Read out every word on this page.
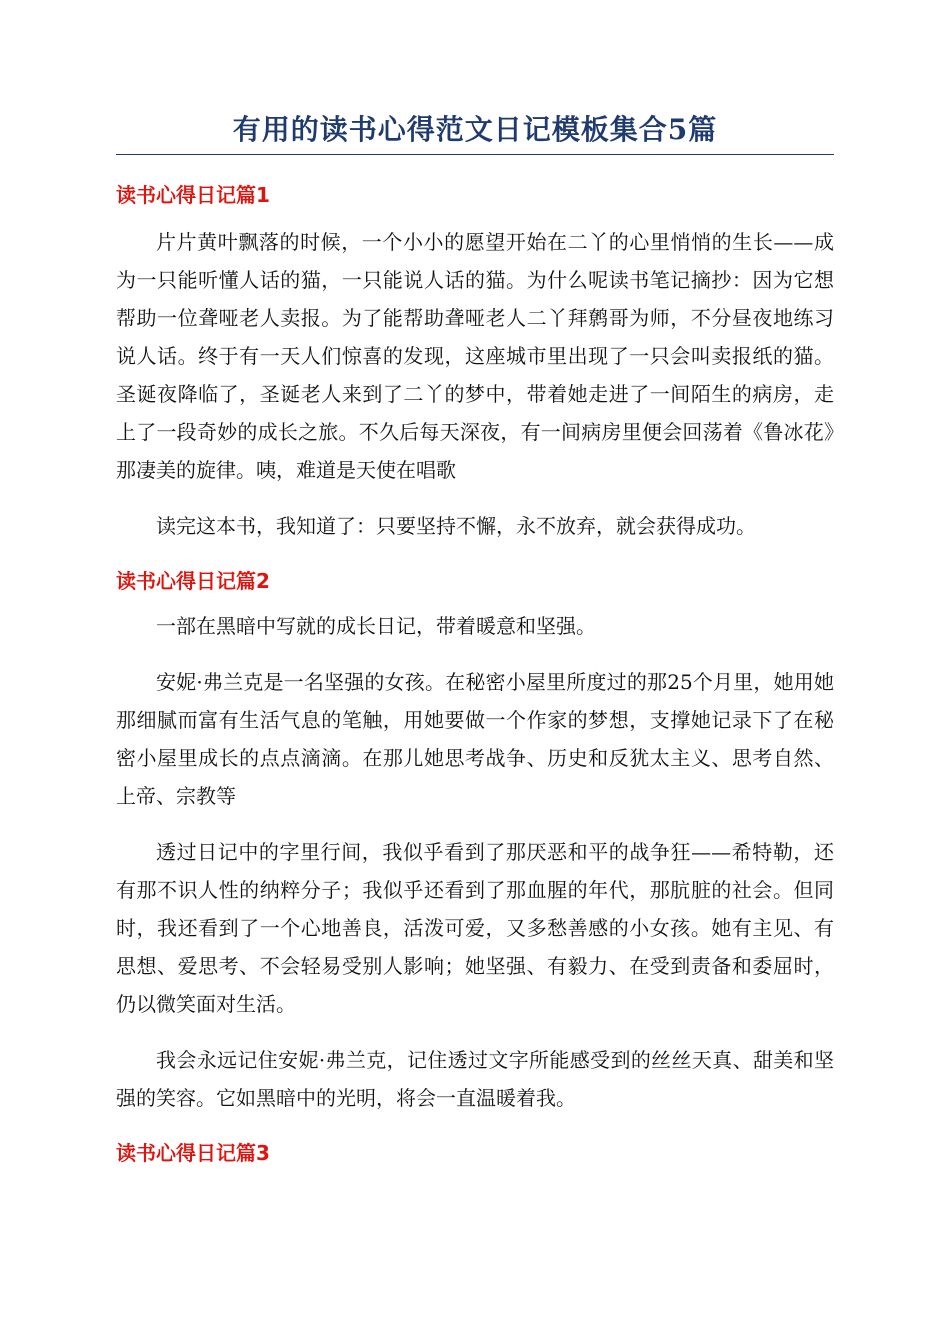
有用的读书心得范文日记模板集合5篇
读书心得日记篇1

片片黄叶飘落的时候，一个小小的愿望开始在二丫的心里悄悄的生长——成为一只能听懂人话的猫，一只能说人话的猫。为什么呢读书笔记摘抄：因为它想帮助一位聋哑老人卖报。为了能帮助聋哑老人二丫拜鹩哥为师，不分昼夜地练习说人话。终于有一天人们惊喜的发现，这座城市里出现了一只会叫卖报纸的猫。圣诞夜降临了，圣诞老人来到了二丫的梦中，带着她走进了一间陌生的病房，走上了一段奇妙的成长之旅。不久后每天深夜，有一间病房里便会回荡着《鲁冰花》那凄美的旋律。咦，难道是天使在唱歌

读完这本书，我知道了：只要坚持不懈，永不放弃，就会获得成功。

读书心得日记篇2

一部在黑暗中写就的成长日记，带着暖意和坚强。

安妮·弗兰克是一名坚强的女孩。在秘密小屋里所度过的那25个月里，她用她那细腻而富有生活气息的笔触，用她要做一个作家的梦想，支撑她记录下了在秘密小屋里成长的点点滴滴。在那儿她思考战争、历史和反犹太主义、思考自然、上帝、宗教等

透过日记中的字里行间，我似乎看到了那厌恶和平的战争狂——希特勒，还有那不识人性的纳粹分子；我似乎还看到了那血腥的年代，那肮脏的社会。但同时，我还看到了一个心地善良，活泼可爱，又多愁善感的小女孩。她有主见、有思想、爱思考、不会轻易受别人影响；她坚强、有毅力、在受到责备和委屈时，仍以微笑面对生活。

我会永远记住安妮·弗兰克，记住透过文字所能感受到的丝丝天真、甜美和坚强的笑容。它如黑暗中的光明，将会一直温暖着我。

读书心得日记篇3
